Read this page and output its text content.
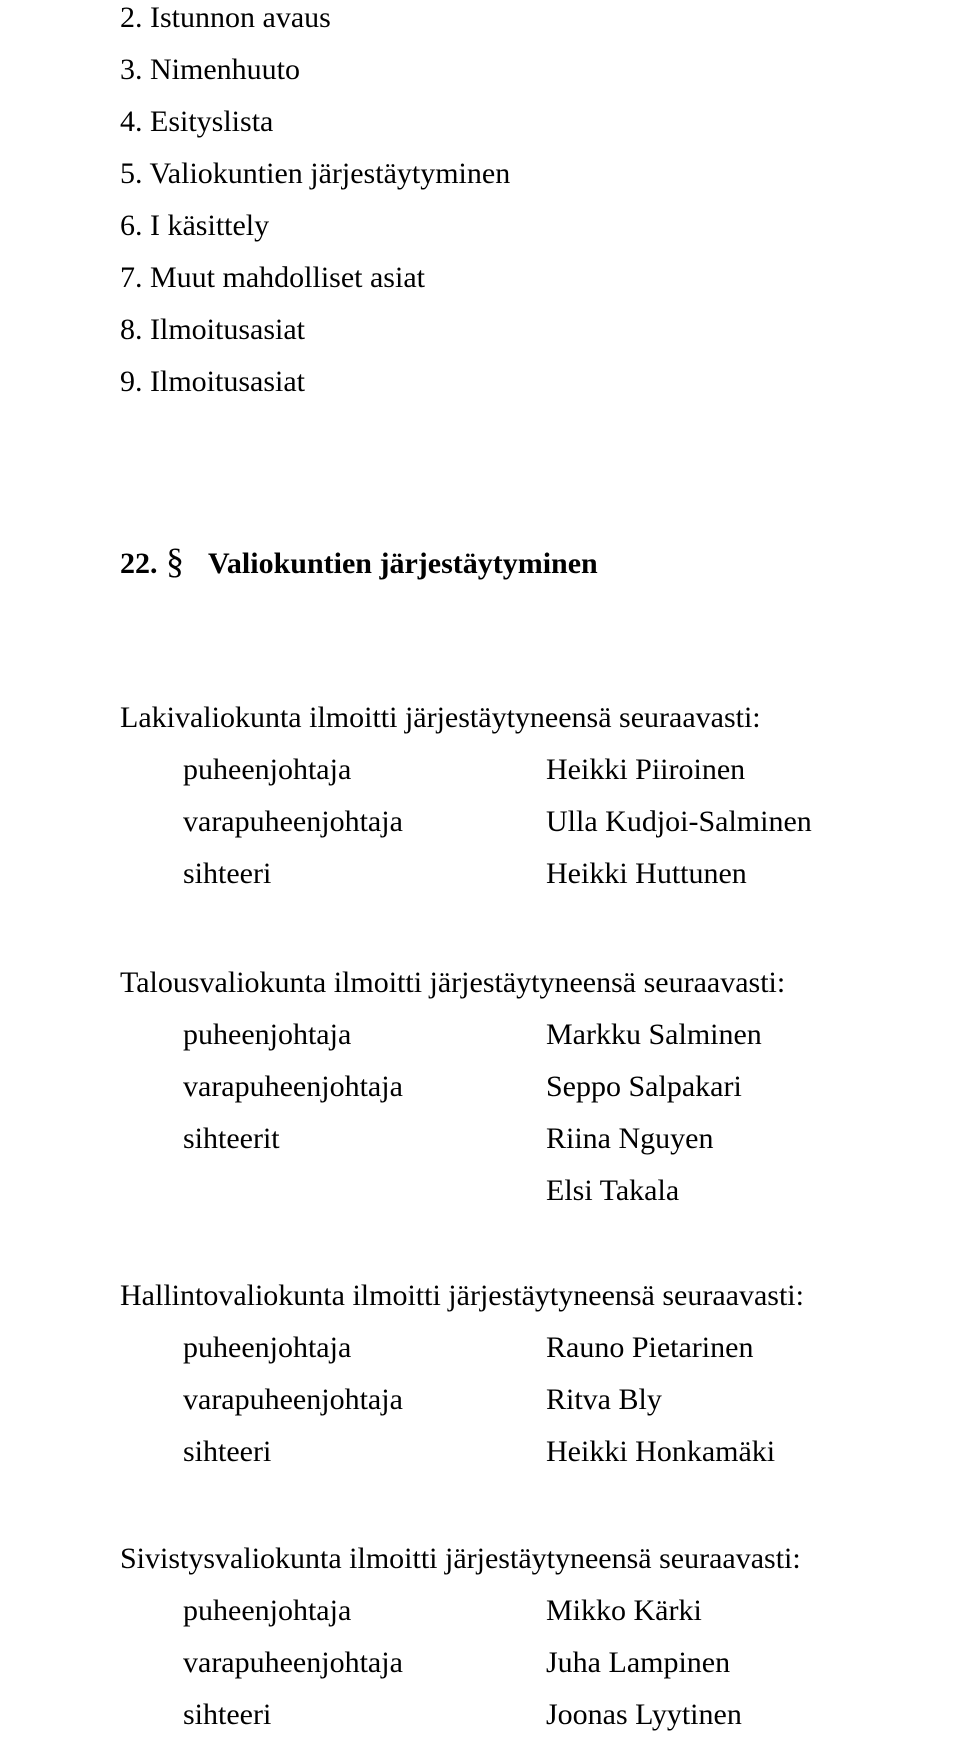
2. Istunnon avaus
3. Nimenhuuto
4. Esityslista
5. Valiokuntien järjestäytyminen
6. I käsittely
7. Muut mahdolliset asiat
8. Ilmoitusasiat
9. Ilmoitusasiat
22. § Valiokuntien järjestäytyminen
Lakivaliokunta ilmoitti järjestäytyneensä seuraavasti:
puheenjohtaja	Heikki Piiroinen
varapuheenjohtaja	Ulla Kudjoi-Salminen
sihteeri	Heikki Huttunen
Talousvaliokunta ilmoitti järjestäytyneensä seuraavasti:
puheenjohtaja	Markku Salminen
varapuheenjohtaja	Seppo Salpakari
sihteerit	Riina Nguyen
Elsi Takala
Hallintovaliokunta ilmoitti järjestäytyneensä seuraavasti:
puheenjohtaja	Rauno Pietarinen
varapuheenjohtaja	Ritva Bly
sihteeri	Heikki Honkamäki
Sivistysvaliokunta ilmoitti järjestäytyneensä seuraavasti:
puheenjohtaja	Mikko Kärki
varapuheenjohtaja	Juha Lampinen
sihteeri	Joonas Lyytinen
